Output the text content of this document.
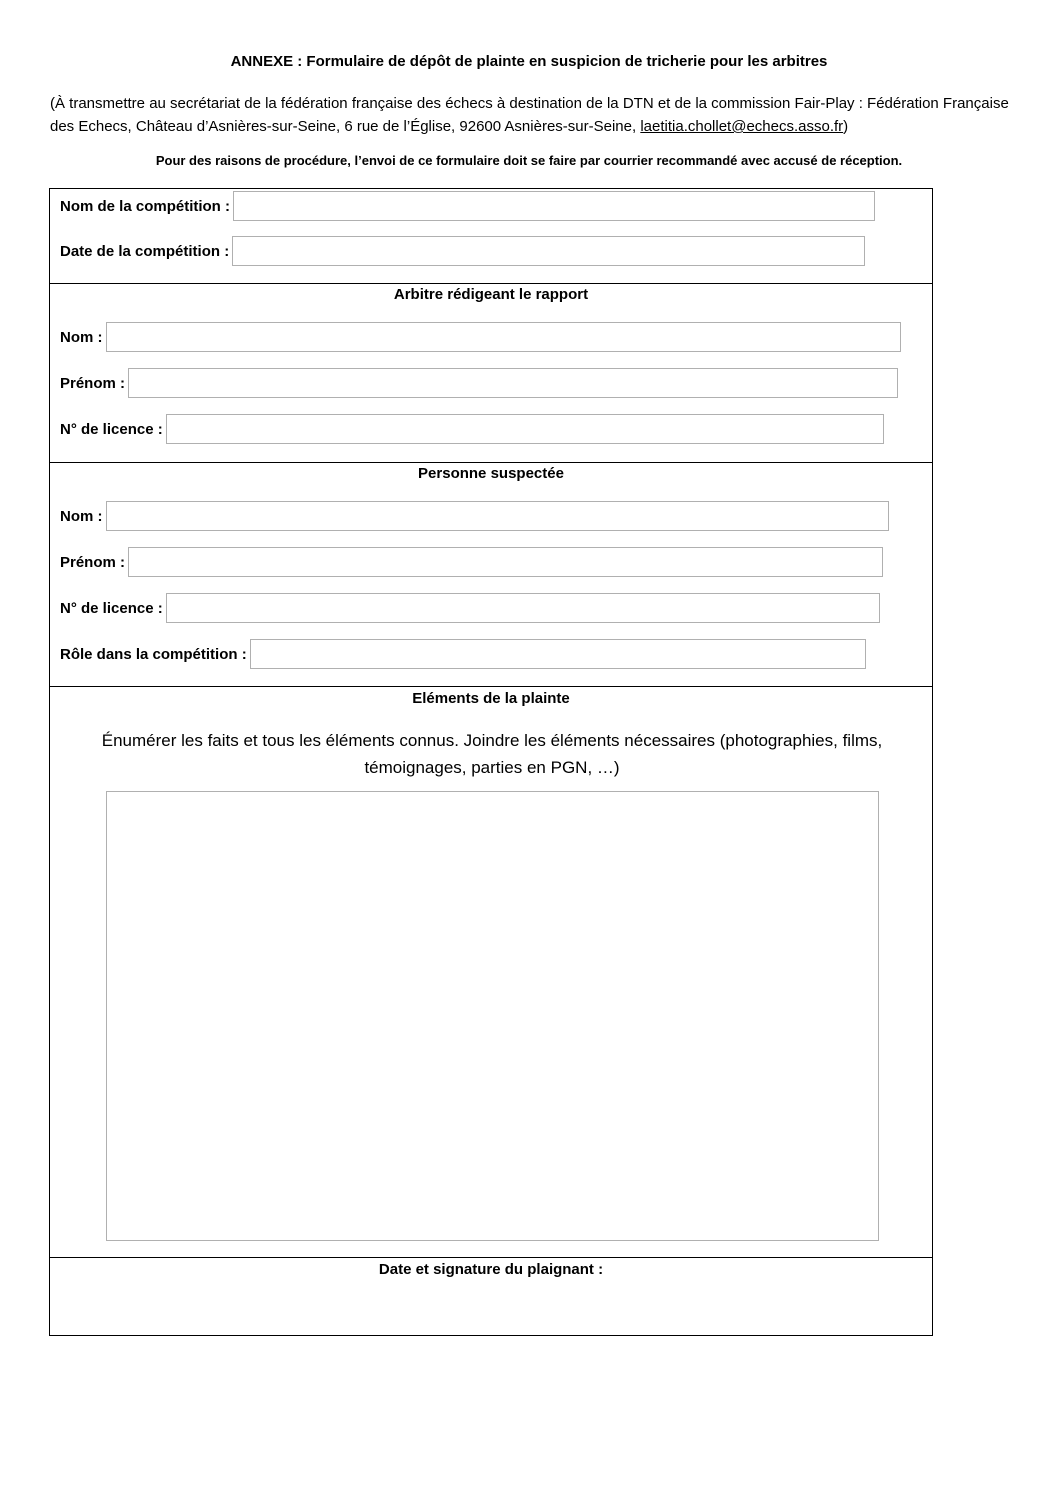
ANNEXE : Formulaire de dépôt de plainte en suspicion de tricherie pour les arbitres
(À transmettre au secrétariat de la fédération française des échecs à destination de la DTN et de la commission Fair-Play : Fédération Française des Echecs, Château d’Asnières-sur-Seine, 6 rue de l’Église, 92600 Asnières-sur-Seine, laetitia.chollet@echecs.asso.fr)
Pour des raisons de procédure, l’envoi de ce formulaire doit se faire par courrier recommandé avec accusé de réception.
Nom de la compétition :
Date de la compétition :
Arbitre rédigeant le rapport
Nom :
Prénom :
N° de licence :
Personne suspectée
Nom :
Prénom :
N° de licence :
Rôle dans la compétition :
Eléments de la plainte
Énumérer les faits et tous les éléments connus. Joindre les éléments nécessaires (photographies, films, témoignages, parties en PGN, …)
Date et signature du plaignant :
